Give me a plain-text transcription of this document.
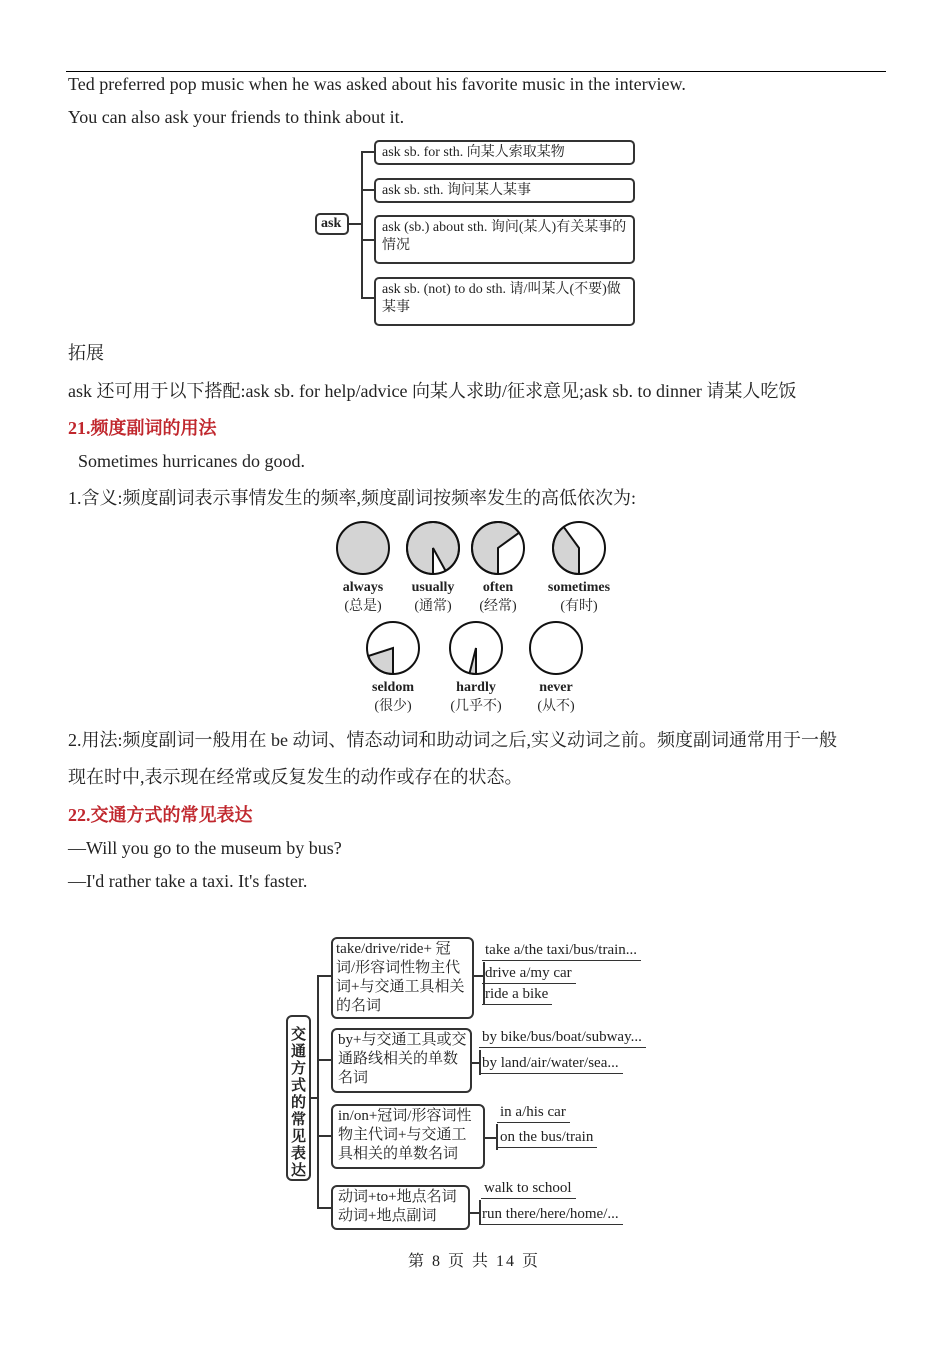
Ted preferred pop music when he was asked about his favorite music in the interview.
You can also ask your friends to think about it.
ask
ask sb. for sth. 向某人索取某物
ask sb. sth. 询问某人某事
ask (sb.) about sth. 询问(某人)有关某事的情况
ask sb. (not) to do sth. 请/叫某人(不要)做某事
拓展
ask 还可用于以下搭配:ask sb. for help/advice 向某人求助/征求意见;ask sb. to dinner 请某人吃饭
21.频度副词的用法
Sometimes hurricanes do good.
1.含义:频度副词表示事情发生的频率,频度副词按频率发生的高低依次为:
2.用法:频度副词一般用在 be 动词、情态动词和助动词之后,实义动词之前。频度副词通常用于一般
现在时中,表示现在经常或反复发生的动作或存在的状态。
22.交通方式的常见表达
—Will you go to the museum by bus?
—I'd rather take a taxi. It's faster.
交通方式的常见表达
take/drive/ride+ 冠词/形容词性物主代词+与交通工具相关的名词
by+与交通工具或交通路线相关的单数名词
in/on+冠词/形容词性物主代词+与交通工具相关的单数名词
动词+to+地点名词 动词+地点副词
take a/the taxi/bus/train...
drive a/my car
ride a bike
by bike/bus/boat/subway...
by land/air/water/sea...
in a/his car
on the bus/train
walk to school
run there/here/home/...
第 8 页 共 14 页
always
(总是)
usually
(通常)
often
(经常)
sometimes
(有时)
seldom
(很少)
hardly
(几乎不)
never
(从不)
